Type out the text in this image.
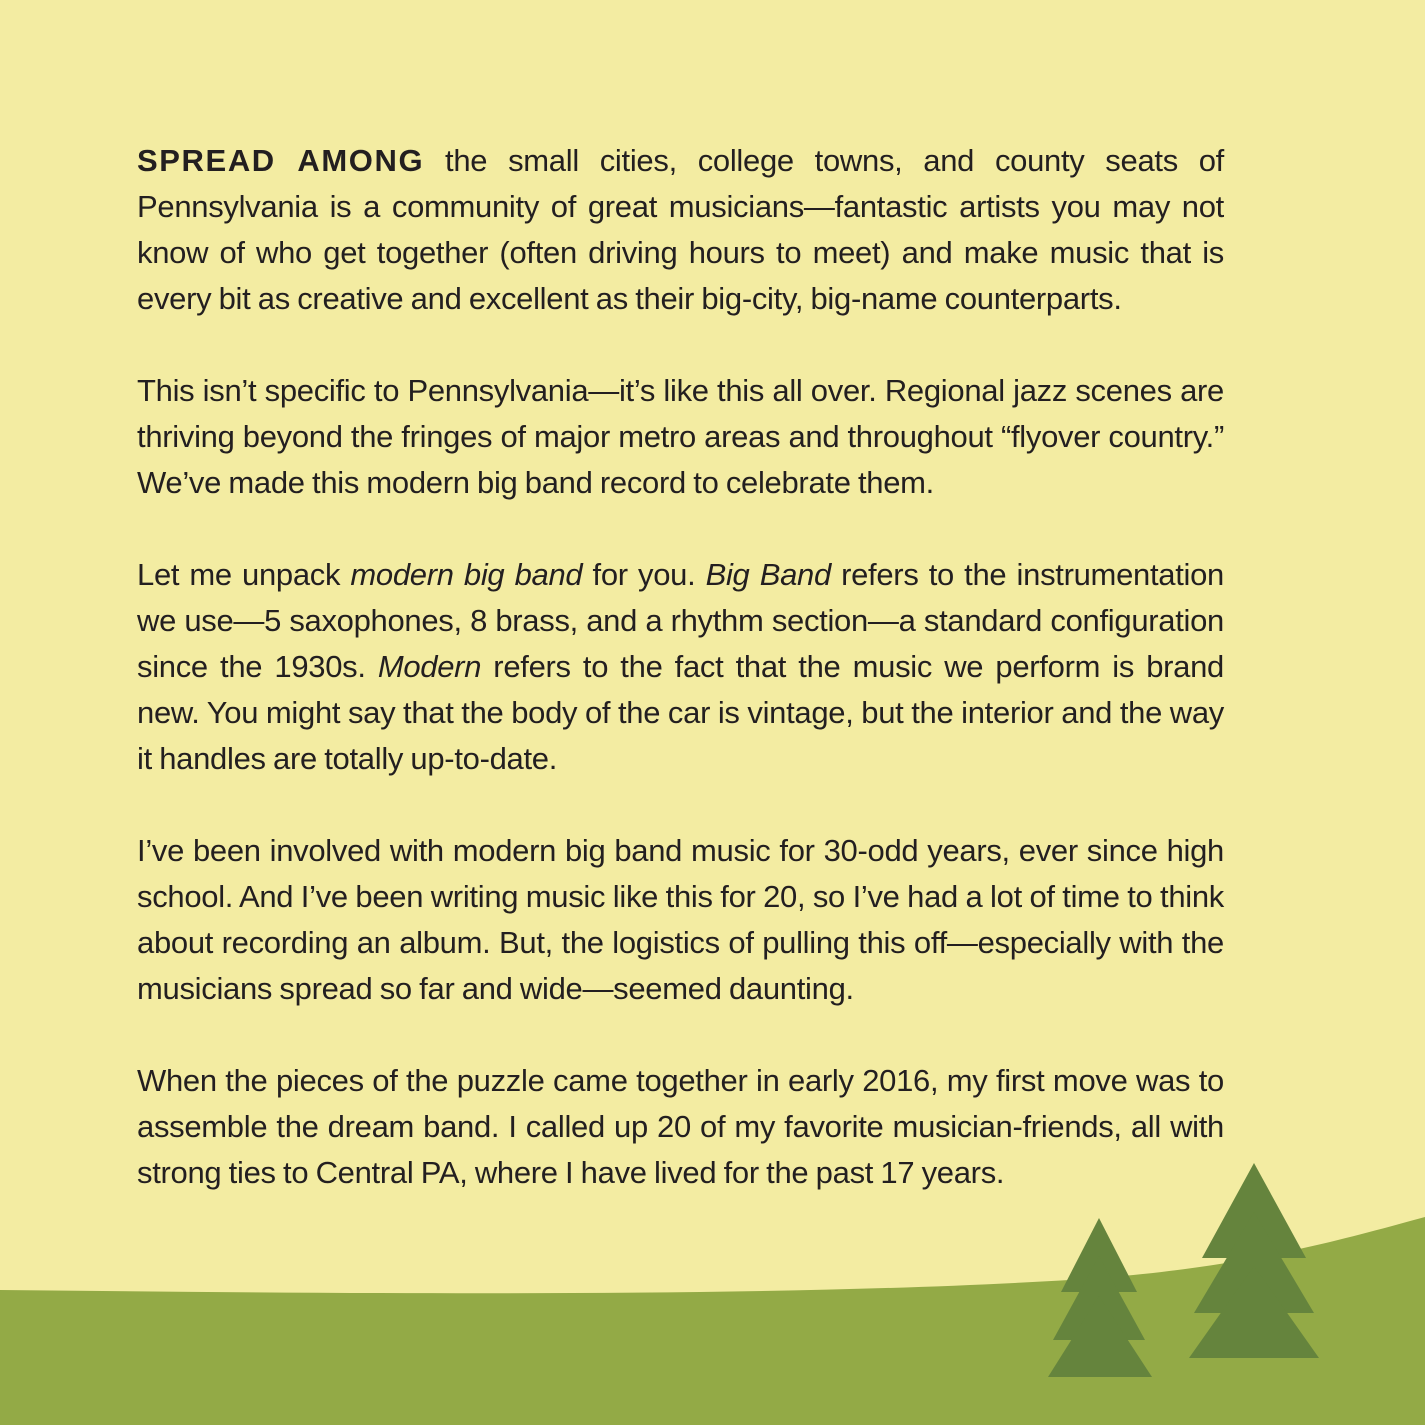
SPREAD AMONG the small cities, college towns, and county seats of Pennsylvania is a community of great musicians—fantastic artists you may not know of who get together (often driving hours to meet) and make music that is every bit as creative and excellent as their big-city, big-name counterparts.

This isn’t specific to Pennsylvania—it’s like this all over. Regional jazz scenes are thriving beyond the fringes of major metro areas and throughout “flyover country.” We’ve made this modern big band record to celebrate them.

Let me unpack modern big band for you. Big Band refers to the instrumentation we use—5 saxophones, 8 brass, and a rhythm section—a standard configuration since the 1930s. Modern refers to the fact that the music we perform is brand new. You might say that the body of the car is vintage, but the interior and the way it handles are totally up-to-date.

I’ve been involved with modern big band music for 30-odd years, ever since high school. And I’ve been writing music like this for 20, so I’ve had a lot of time to think about recording an album. But, the logistics of pulling this off—especially with the musicians spread so far and wide—seemed daunting.

When the pieces of the puzzle came together in early 2016, my first move was to assemble the dream band. I called up 20 of my favorite musician-friends, all with strong ties to Central PA, where I have lived for the past 17 years.
